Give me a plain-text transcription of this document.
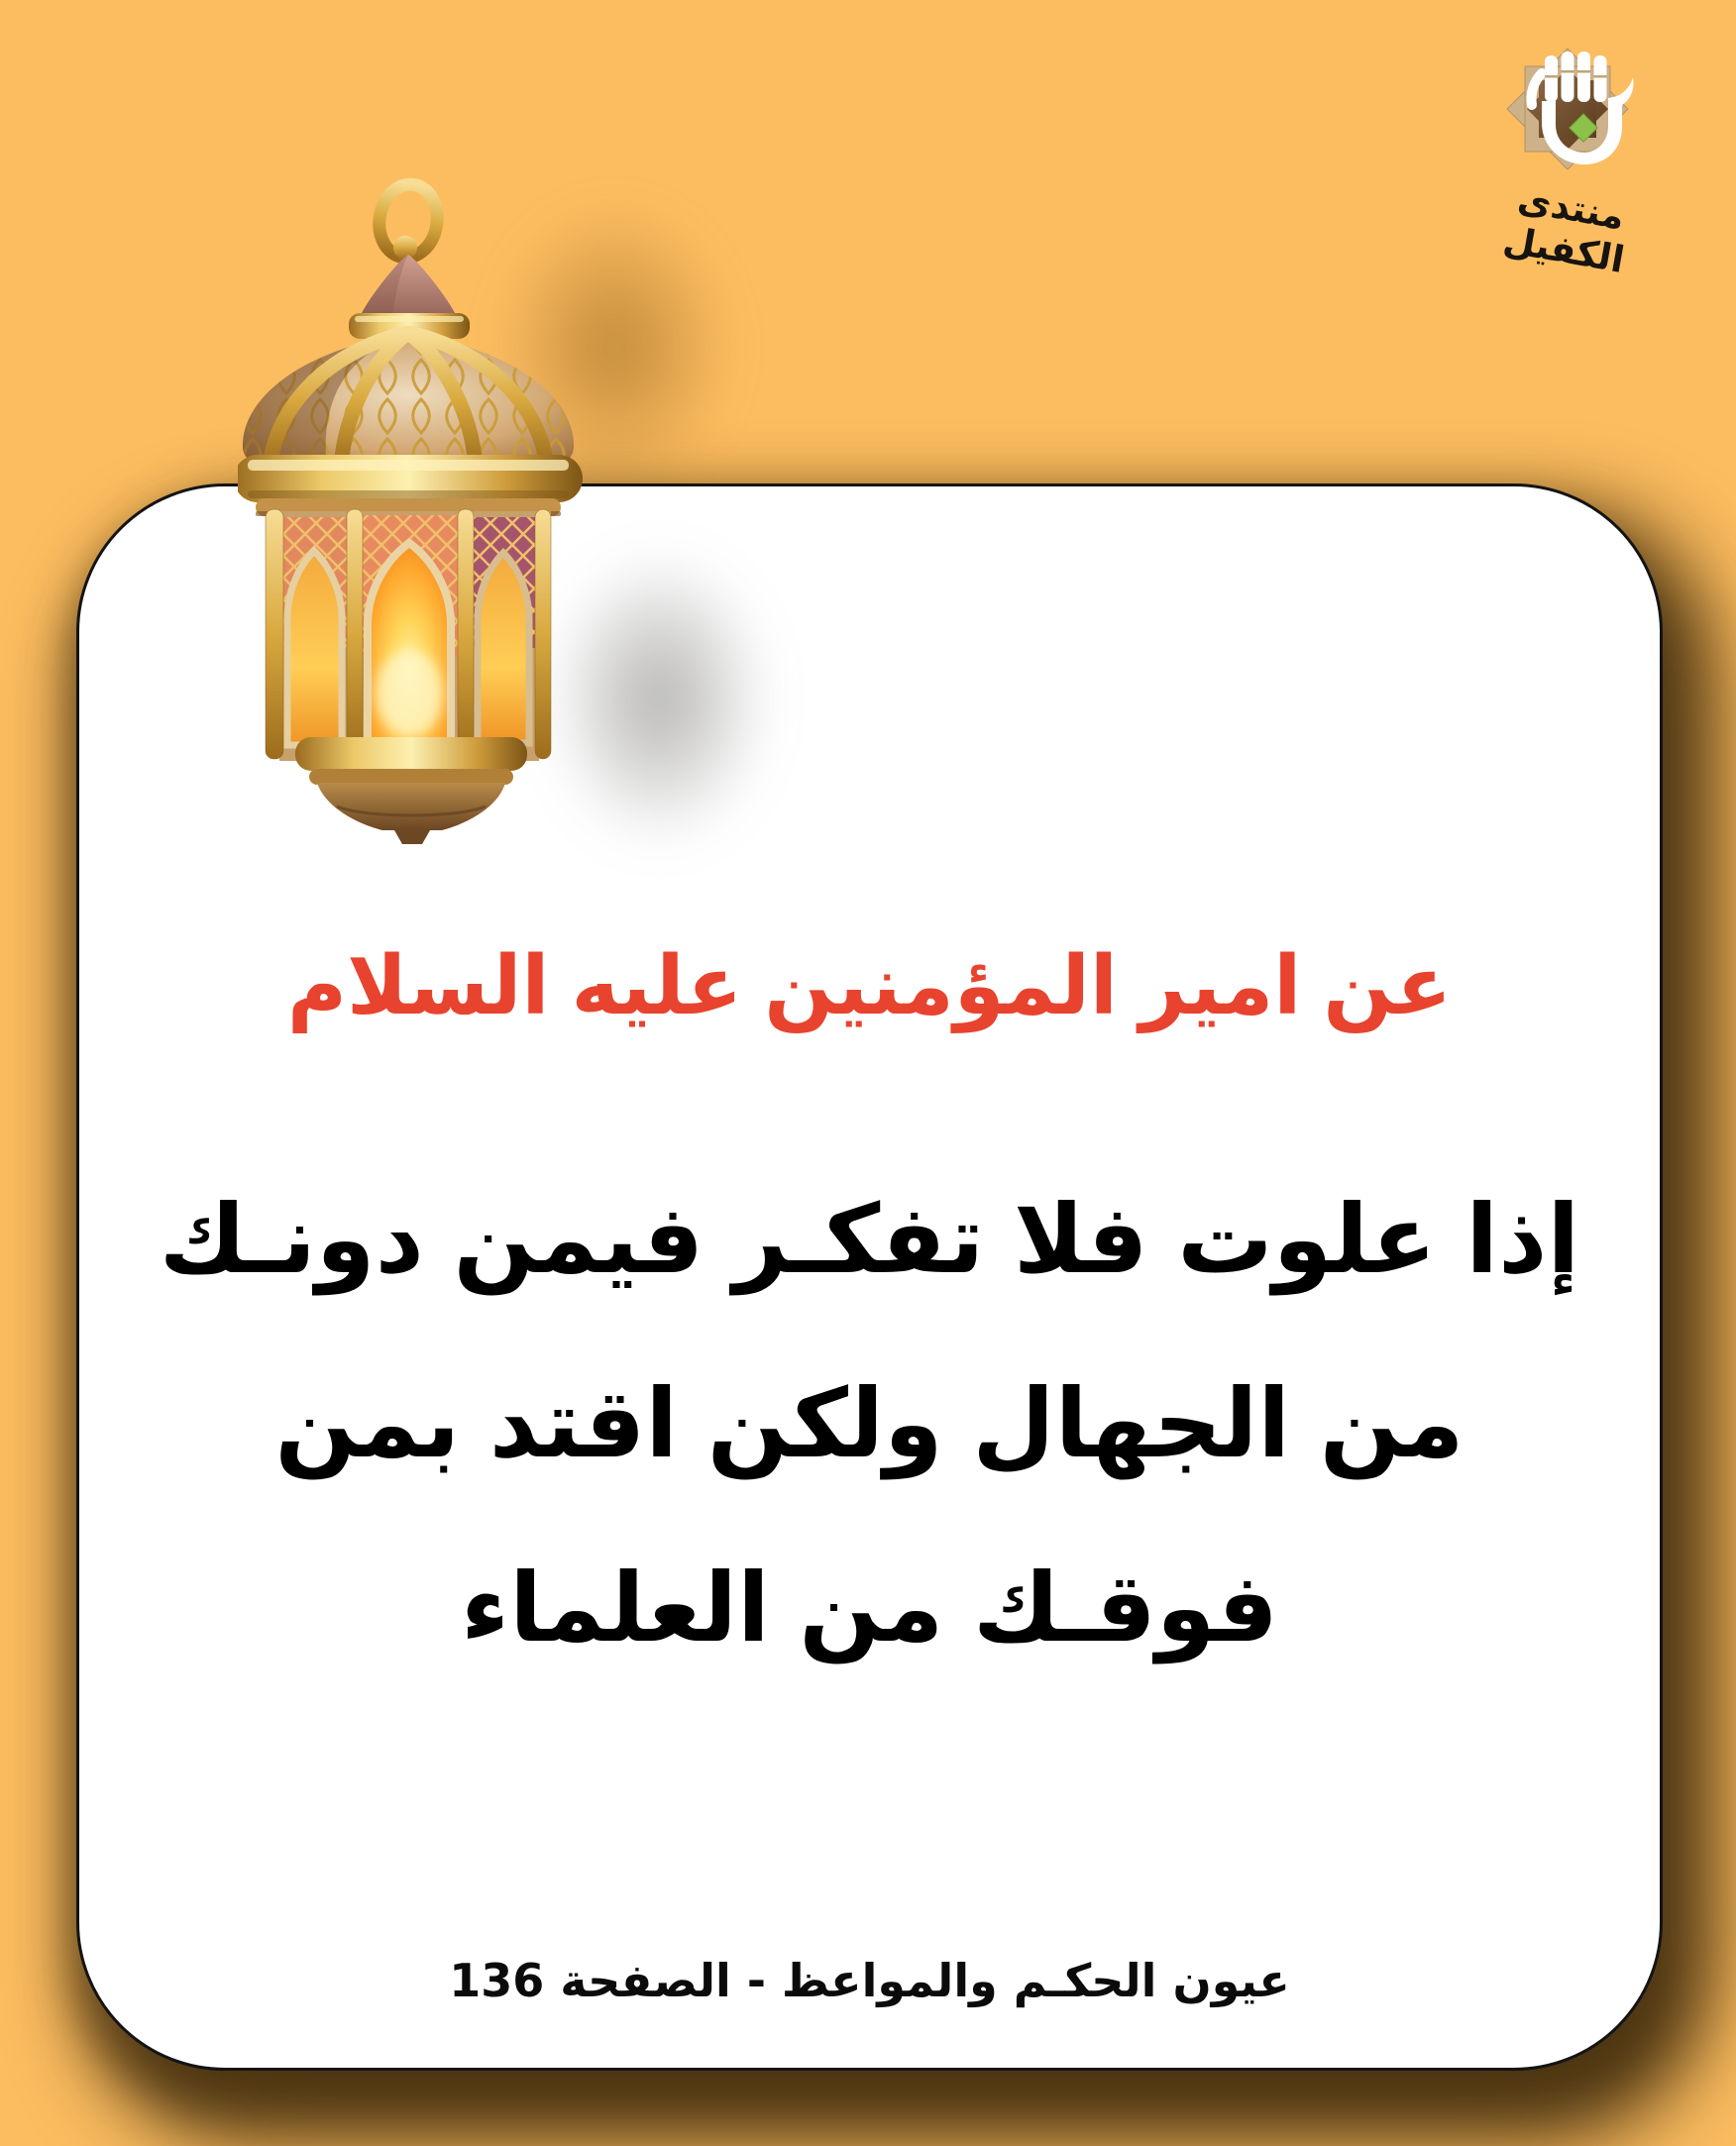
منتدى الكفيل
عن امير المؤمنين عليه السلام
إذا علوت فلا تفكـر فيمن دونـك
من الجهال ولكن اقتد بمن
فوقـك من العلماء
عيون الحكـم والمواعظ - الصفحة 136
